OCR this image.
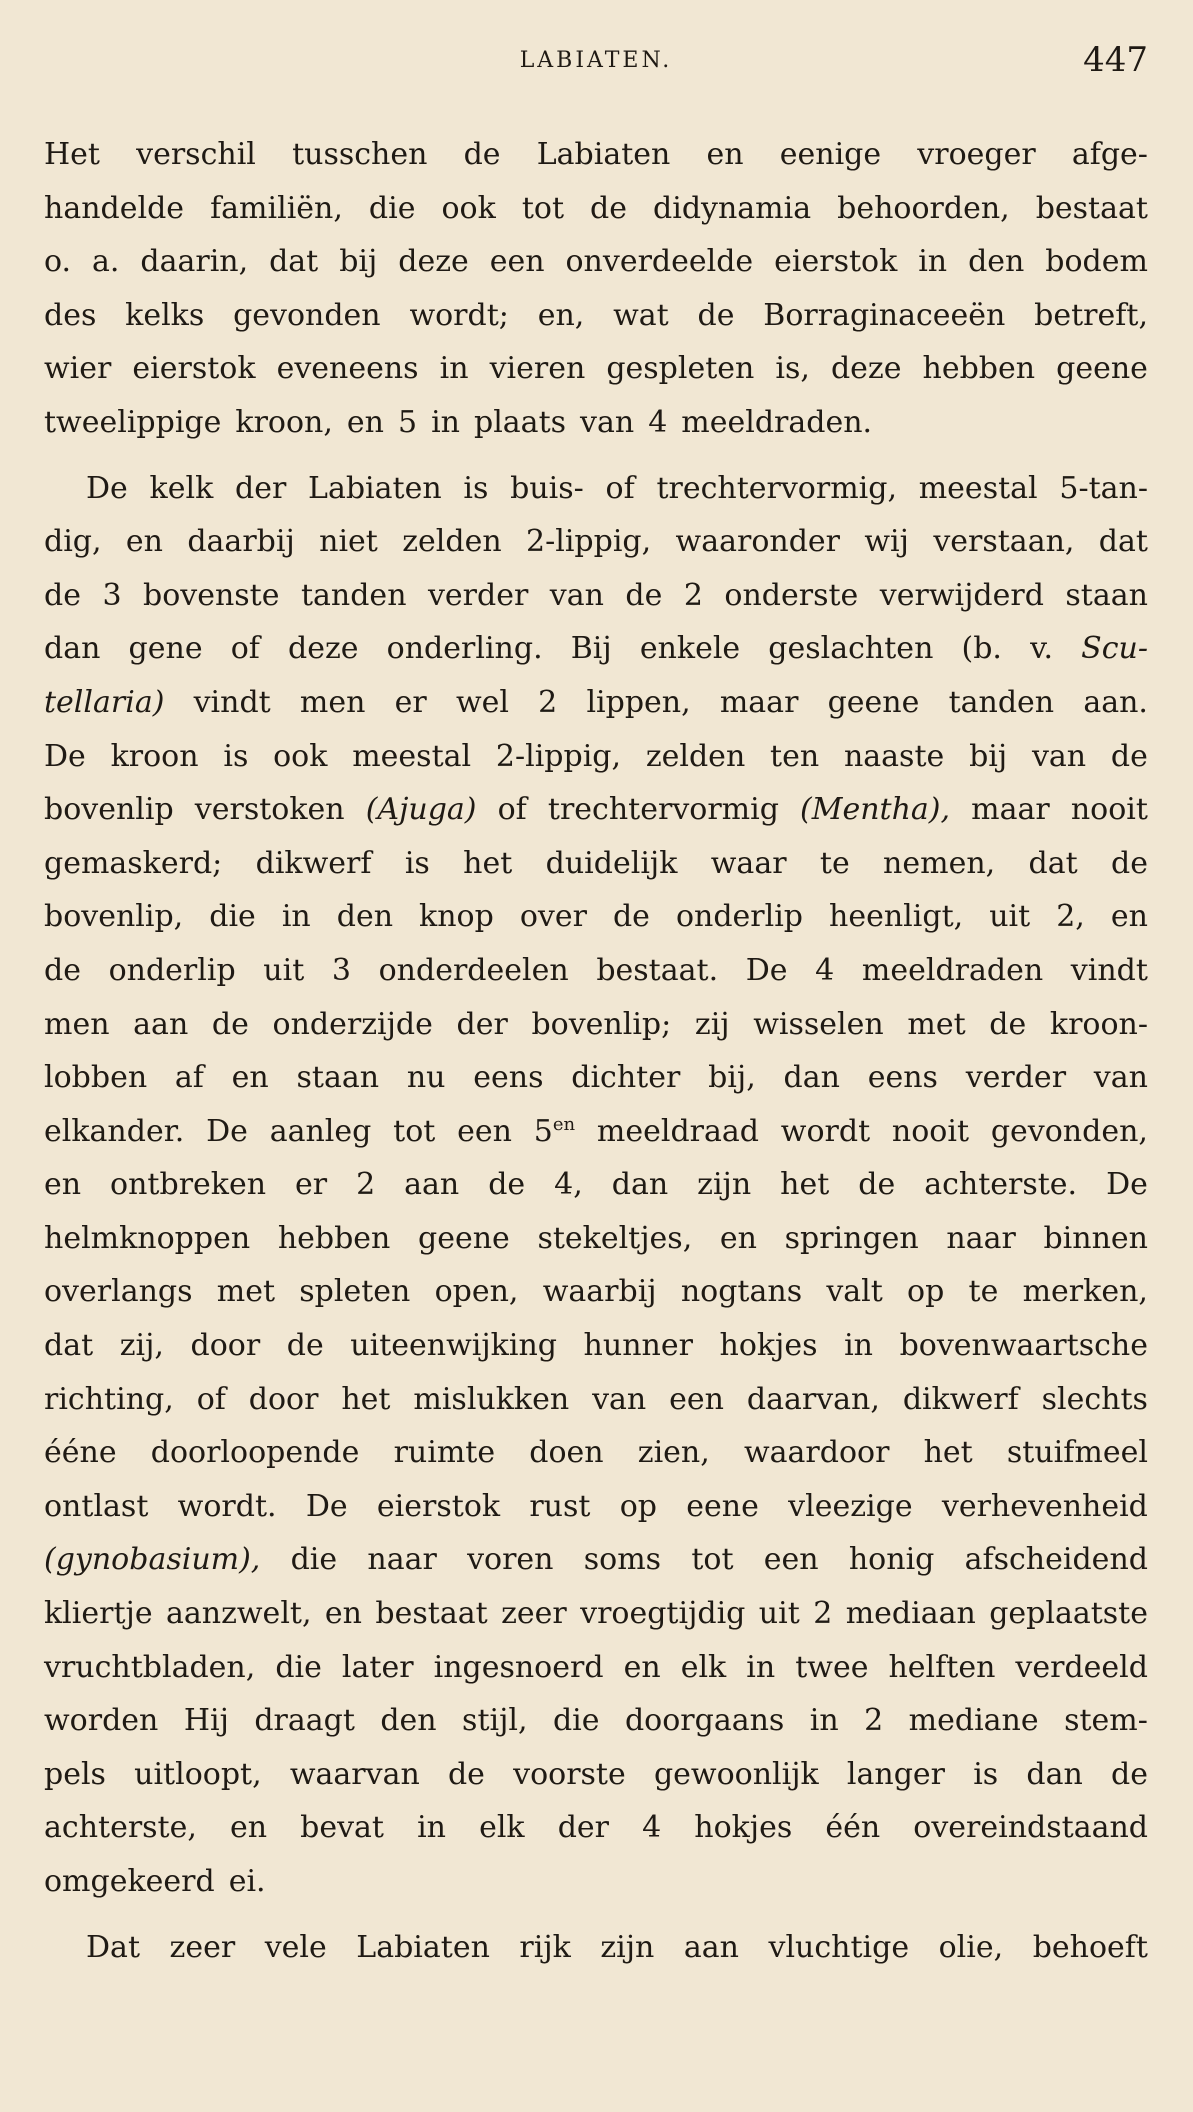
LABIATEN.	447
Het verschil tusschen de Labiaten en eenige vroeger afge-
handelde familiën, die ook tot de didynamia behoorden, bestaat
o. a. daarin, dat bij deze een onverdeelde eierstok in den bodem
des kelks gevonden wordt; en, wat de Borraginaceeën betreft,
wier eierstok eveneens in vieren gespleten is, deze hebben geene
tweelippige kroon, en 5 in plaats van 4 meeldraden.
De kelk der Labiaten is buis- of trechtervormig, meestal 5-tan-
dig, en daarbij niet zelden 2-lippig, waaronder wij verstaan, dat
de 3 bovenste tanden verder van de 2 onderste verwijderd staan
dan gene of deze onderling. Bij enkele geslachten (b. v. Scu-
tellaria) vindt men er wel 2 lippen, maar geene tanden aan.
De kroon is ook meestal 2-lippig, zelden ten naaste bij van de
bovenlip verstoken (Ajuga) of trechtervormig (Mentha), maar nooit
gemaskerd; dikwerf is het duidelijk waar te nemen, dat de
bovenlip, die in den knop over de onderlip heenligt, uit 2, en
de onderlip uit 3 onderdeelen bestaat. De 4 meeldraden vindt
men aan de onderzijde der bovenlip; zij wisselen met de kroon-
lobben af en staan nu eens dichter bij, dan eens verder van
elkander. De aanleg tot een $5^{en}$ meeldraad wordt nooit gevonden,
en ontbreken er 2 aan de 4, dan zijn het de achterste. De
helmknoppen hebben geene stekeltjes, en springen naar binnen
overlangs met spleten open, waarbij nogtans valt op te merken,
dat zij, door de uiteenwijking hunner hokjes in bovenwaartsche
richting, of door het mislukken van een daarvan, dikwerf slechts
ééne doorloopende ruimte doen zien, waardoor het stuifmeel
ontlast wordt. De eierstok rust op eene vleezige verhevenheid
(gynobasium), die naar voren soms tot een honig afscheidend
kliertje aanzwelt, en bestaat zeer vroegtijdig uit 2 mediaan geplaatste
vruchtbladen, die later ingesnoerd en elk in twee helften verdeeld
worden Hij draagt den stijl, die doorgaans in 2 mediane stem-
pels uitloopt, waarvan de voorste gewoonlijk langer is dan de
achterste, en bevat in elk der 4 hokjes één overeindstaand
omgekeerd ei.
Dat zeer vele Labiaten rijk zijn aan vluchtige olie, behoeft
